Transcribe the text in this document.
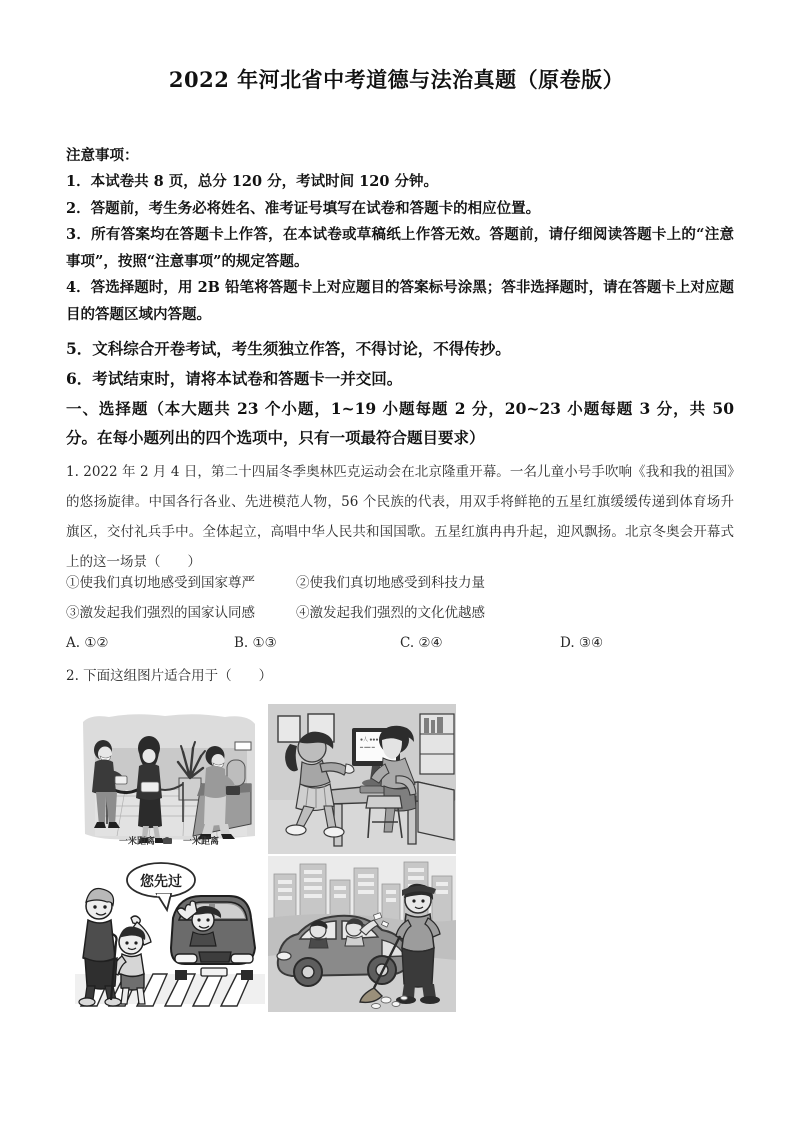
2022 年河北省中考道德与法治真题（原卷版）
注意事项：
1．本试卷共 8 页，总分 120 分，考试时间 120 分钟。
2．答题前，考生务必将姓名、准考证号填写在试卷和答题卡的相应位置。
3．所有答案均在答题卡上作答，在本试卷或草稿纸上作答无效。答题前，请仔细阅读答题卡上的“注意事项”，按照“注意事项”的规定答题。
4．答选择题时，用 2B 铅笔将答题卡上对应题目的答案标号涂黑；答非选择题时，请在答题卡上对应题目的答题区域内答题。
5．文科综合开卷考试，考生须独立作答，不得讨论，不得传抄。
6．考试结束时，请将本试卷和答题卡一并交回。
一、选择题（本大题共 23 个小题，1~19 小题每题 2 分，20~23 小题每题 3 分，共 50 分。在每小题列出的四个选项中，只有一项最符合题目要求）
1. 2022 年 2 月 4 日，第二十四届冬季奥林匹克运动会在北京隆重开幕。一名儿童小号手吹响《我和我的祖国》的悠扬旋律。中国各行各业、先进模范人物，56 个民族的代表，用双手将鲜艳的五星红旗缓缓传递到体育场升旗区，交付礼兵手中。全体起立，高唱中华人民共和国国歌。五星红旗冉冉升起，迎风飘扬。北京冬奥会开幕式上的这一场景（　　）
①使我们真切地感受到国家尊严	②使我们真切地感受到科技力量
③激发起我们强烈的国家认同感	④激发起我们强烈的文化优越感
A. ①②	B. ①③	C. ②④	D. ③④
2. 下面这组图片适合用于（　　）
一米距离	一米距离
●人 ●●●
━ ━━ ━
您先过
